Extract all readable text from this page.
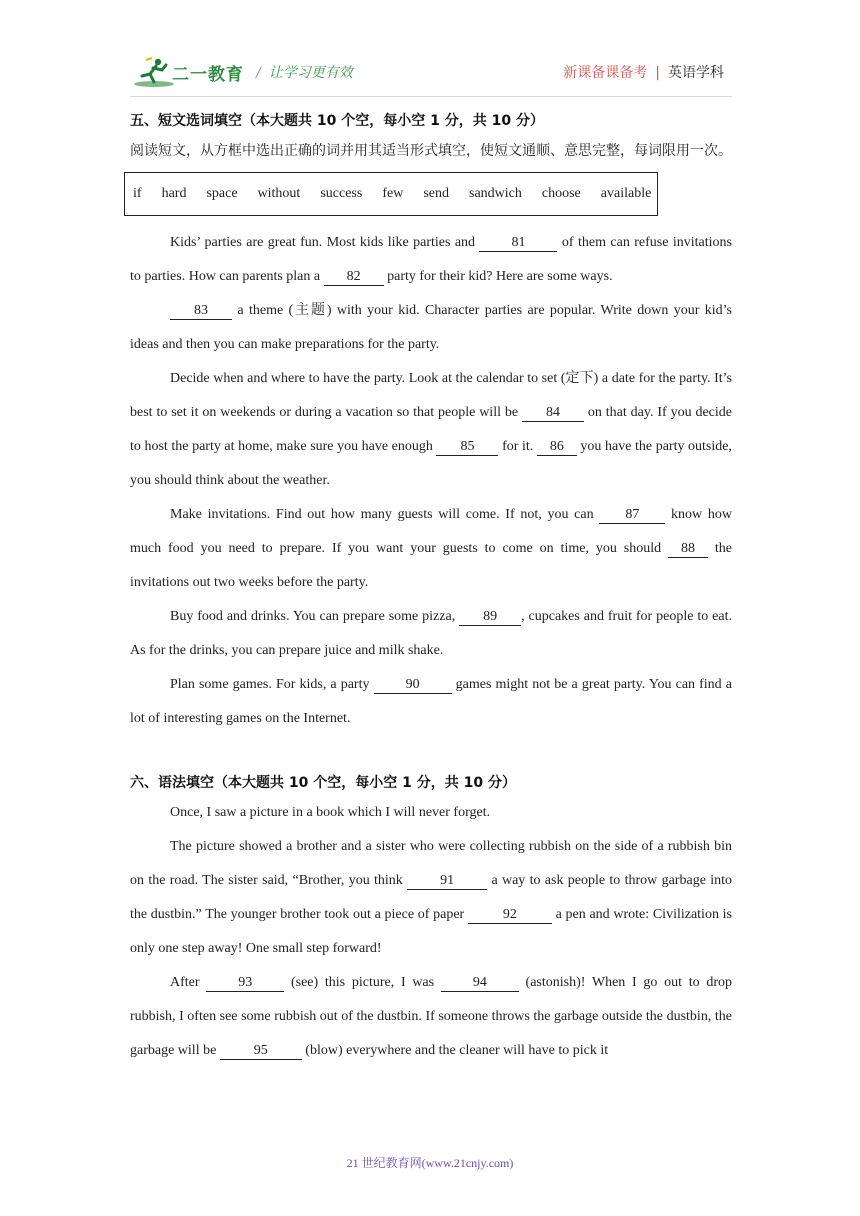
二一教育 / 让学习更有效	新课备课备考 | 英语学科
五、短文选词填空（本大题共 10 个空，每小空 1 分，共 10 分）
阅读短文，从方框中选出正确的词并用其适当形式填空，使短文通顺、意思完整，每词限用一次。
if hard space without success few send sandwich choose available

Kids’ parties are great fun. Most kids like parties and 81 of them can refuse invitations to parties. How can parents plan a 82 party for their kid? Here are some ways.

83 a theme (主题) with your kid. Character parties are popular. Write down your kid’s ideas and then you can make preparations for the party.

Decide when and where to have the party. Look at the calendar to set (定下) a date for the party. It’s best to set it on weekends or during a vacation so that people will be 84 on that day. If you decide to host the party at home, make sure you have enough 85 for it. 86 you have the party outside, you should think about the weather.

Make invitations. Find out how many guests will come. If not, you can 87 know how much food you need to prepare. If you want your guests to come on time, you should 88 the invitations out two weeks before the party.

Buy food and drinks. You can prepare some pizza, 89 , cupcakes and fruit for people to eat. As for the drinks, you can prepare juice and milk shake.

Plan some games. For kids, a party 90 games might not be a great party. You can find a lot of interesting games on the Internet.

六、语法填空（本大题共 10 个空，每小空 1 分，共 10 分）

Once, I saw a picture in a book which I will never forget.

The picture showed a brother and a sister who were collecting rubbish on the side of a rubbish bin on the road. The sister said, “Brother, you think 91 a way to ask people to throw garbage into the dustbin.” The younger brother took out a piece of paper	92	a pen and wrote: Civilization is only one step away! One small step forward!

After 93 (see) this picture, I was 94 (astonish)! When I go out to drop rubbish, I often see some rubbish out of the dustbin. If someone throws the garbage outside the dustbin, the garbage will be 95 (blow) everywhere and the cleaner will have to pick it

21 世纪教育网(www.21cnjy.com)
